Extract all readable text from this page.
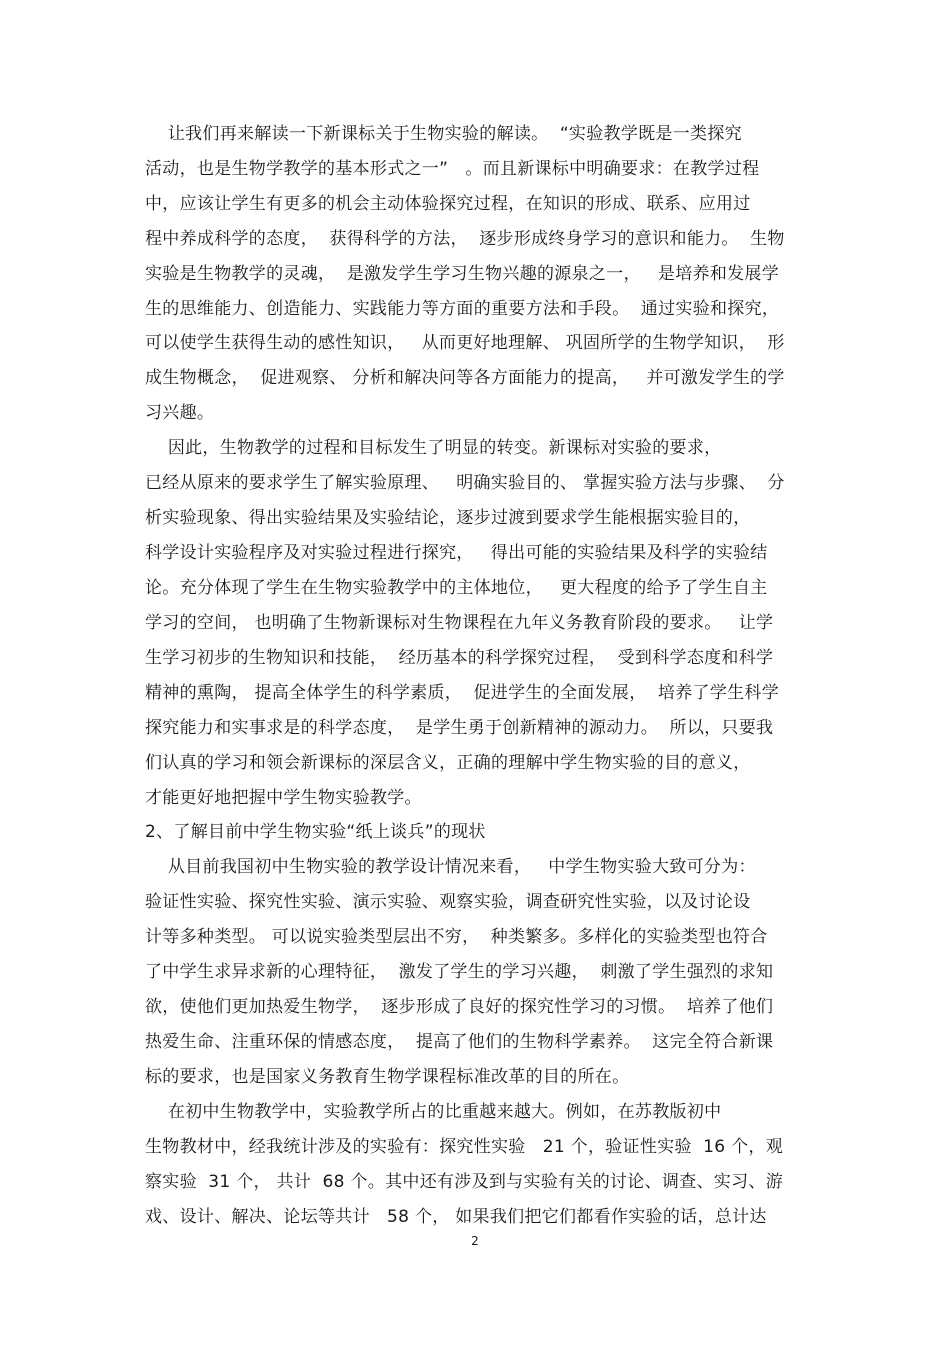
让我们再来解读一下新课标关于生物实验的解读。  “实验教学既是一类探究
活动，也是生物学教学的基本形式之一”   。而且新课标中明确要求：在教学过程
中，应该让学生有更多的机会主动体验探究过程，在知识的形成、联系、应用过
程中养成科学的态度，  获得科学的方法，  逐步形成终身学习的意识和能力。  生物
实验是生物教学的灵魂，  是激发学生学习生物兴趣的源泉之一，   是培养和发展学
生的思维能力、创造能力、实践能力等方面的重要方法和手段。  通过实验和探究，
可以使学生获得生动的感性知识，   从而更好地理解、 巩固所学的生物学知识，  形
成生物概念，  促进观察、 分析和解决问等各方面能力的提高，   并可激发学生的学
习兴趣。
因此，生物教学的过程和目标发生了明显的转变。新课标对实验的要求，
已经从原来的要求学生了解实验原理、   明确实验目的、 掌握实验方法与步骤、  分
析实验现象、得出实验结果及实验结论，逐步过渡到要求学生能根据实验目的，
科学设计实验程序及对实验过程进行探究，   得出可能的实验结果及科学的实验结
论。充分体现了学生在生物实验教学中的主体地位，   更大程度的给予了学生自主
学习的空间， 也明确了生物新课标对生物课程在九年义务教育阶段的要求。   让学
生学习初步的生物知识和技能，  经历基本的科学探究过程，  受到科学态度和科学
精神的熏陶， 提高全体学生的科学素质，  促进学生的全面发展，  培养了学生科学
探究能力和实事求是的科学态度，  是学生勇于创新精神的源动力。  所以，只要我
们认真的学习和领会新课标的深层含义，正确的理解中学生物实验的目的意义，
才能更好地把握中学生物实验教学。
2、了解目前中学生物实验“纸上谈兵”的现状
从目前我国初中生物实验的教学设计情况来看，   中学生物实验大致可分为：
验证性实验、探究性实验、演示实验、观察实验，调查研究性实验，以及讨论设
计等多种类型。 可以说实验类型层出不穷，  种类繁多。多样化的实验类型也符合
了中学生求异求新的心理特征，  激发了学生的学习兴趣，  刺激了学生强烈的求知
欲，使他们更加热爱生物学，  逐步形成了良好的探究性学习的习惯。  培养了他们
热爱生命、注重环保的情感态度，  提高了他们的生物科学素养。  这完全符合新课
标的要求，也是国家义务教育生物学课程标准改革的目的所在。
在初中生物教学中，实验教学所占的比重越来越大。例如，在苏教版初中
生物教材中，经我统计涉及的实验有：探究性实验   21 个，验证性实验  16 个，观
察实验  31 个， 共计  68 个。其中还有涉及到与实验有关的讨论、调查、实习、游
戏、设计、解决、论坛等共计   58 个， 如果我们把它们都看作实验的话，总计达
2
